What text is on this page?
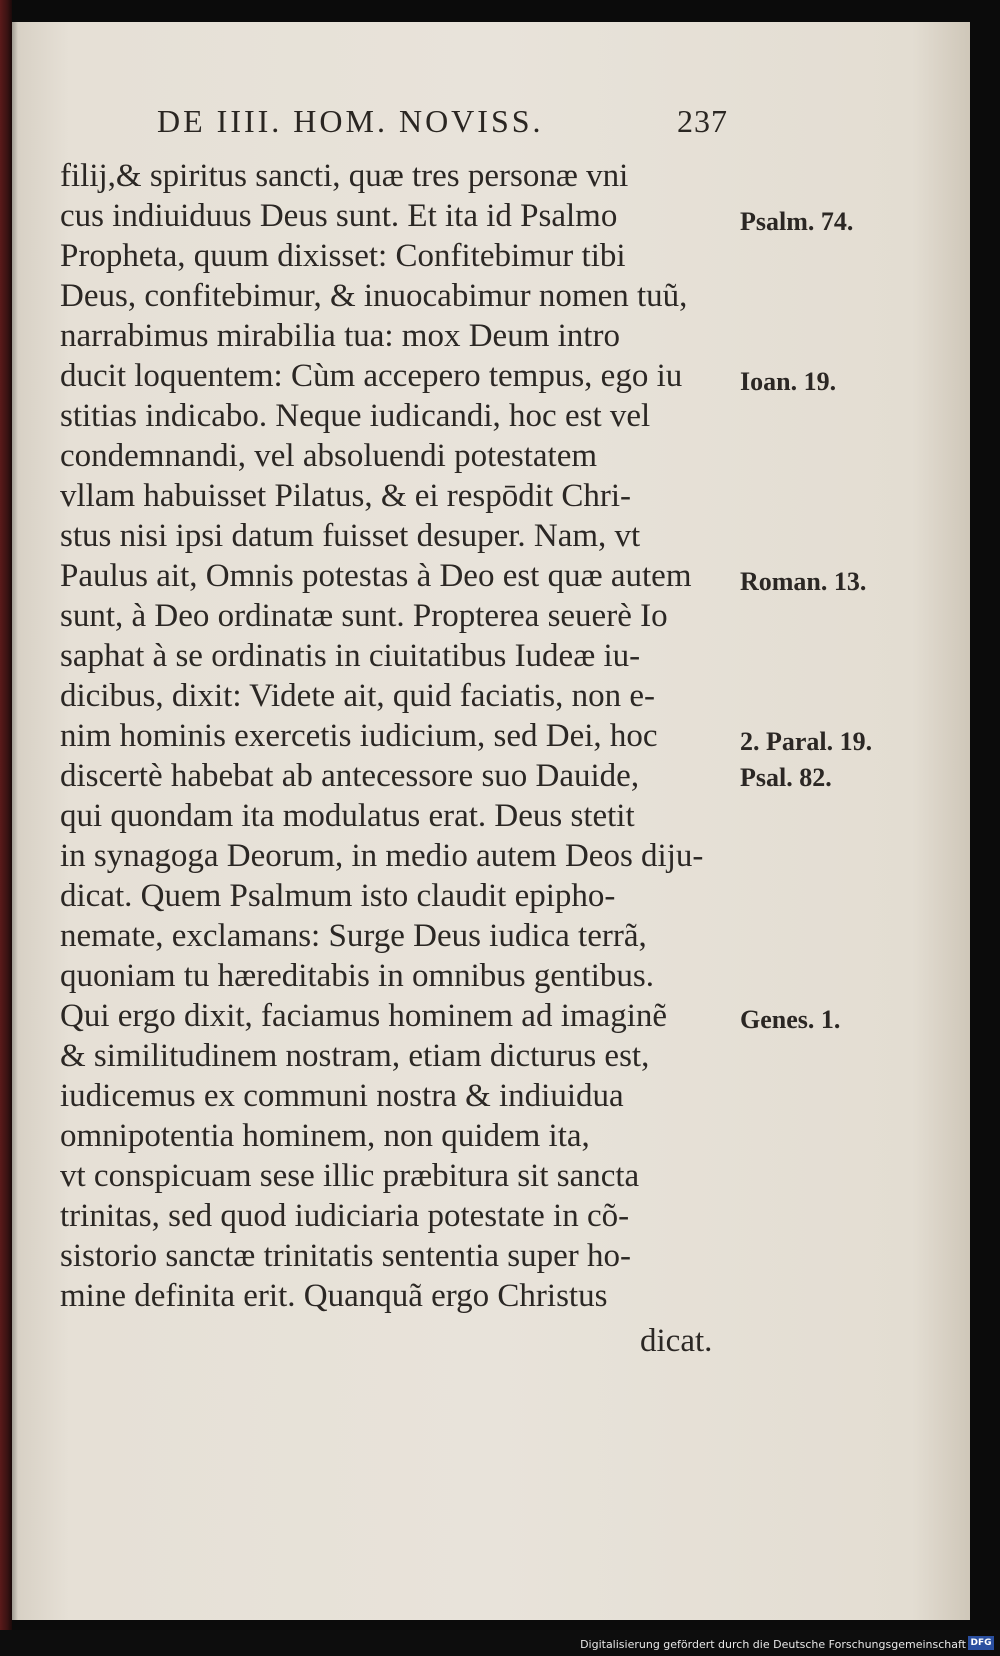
DE IIII. HOM. NOVISS.	237
filij,& spiritus sancti, quæ tres personæ vni
cus indiuiduus Deus sunt. Et ita id Psalmo
Propheta, quum dixisset: Confitebimur tibi
Deus, confitebimur, & inuocabimur nomen tuũ,
narrabimus mirabilia tua: mox Deum intro
ducit loquentem: Cùm accepero tempus, ego iu
stitias indicabo. Neque iudicandi, hoc est vel
condemnandi, vel absoluendi potestatem
vllam habuisset Pilatus, & ei respōdit Chri-
stus nisi ipsi datum fuisset desuper. Nam, vt
Paulus ait, Omnis potestas à Deo est quæ autem
sunt, à Deo ordinatæ sunt. Propterea seuerè Io
saphat à se ordinatis in ciuitatibus Iudeæ iu-
dicibus, dixit: Videte ait, quid faciatis, non e-
nim hominis exercetis iudicium, sed Dei, hoc
discertè habebat ab antecessore suo Dauide,
qui quondam ita modulatus erat. Deus stetit
in synagoga Deorum, in medio autem Deos diju-
dicat. Quem Psalmum isto claudit epipho-
nemate, exclamans: Surge Deus iudica terrã,
quoniam tu hæreditabis in omnibus gentibus.
Qui ergo dixit, faciamus hominem ad imaginẽ
& similitudinem nostram, etiam dicturus est,
iudicemus ex communi nostra & indiuidua
omnipotentia hominem, non quidem ita,
vt conspicuam sese illic præbitura sit sancta
trinitas, sed quod iudiciaria potestate in cõ-
sistorio sanctæ trinitatis sententia super ho-
mine definita erit. Quanquã ergo Christus
dicat.
Psalm. 74.
Ioan. 19.
Roman. 13.
2. Paral. 19.
Psal. 82.
Genes. 1.
Digitalisierung gefördert durch die Deutsche Forschungsgemeinschaft DFG
